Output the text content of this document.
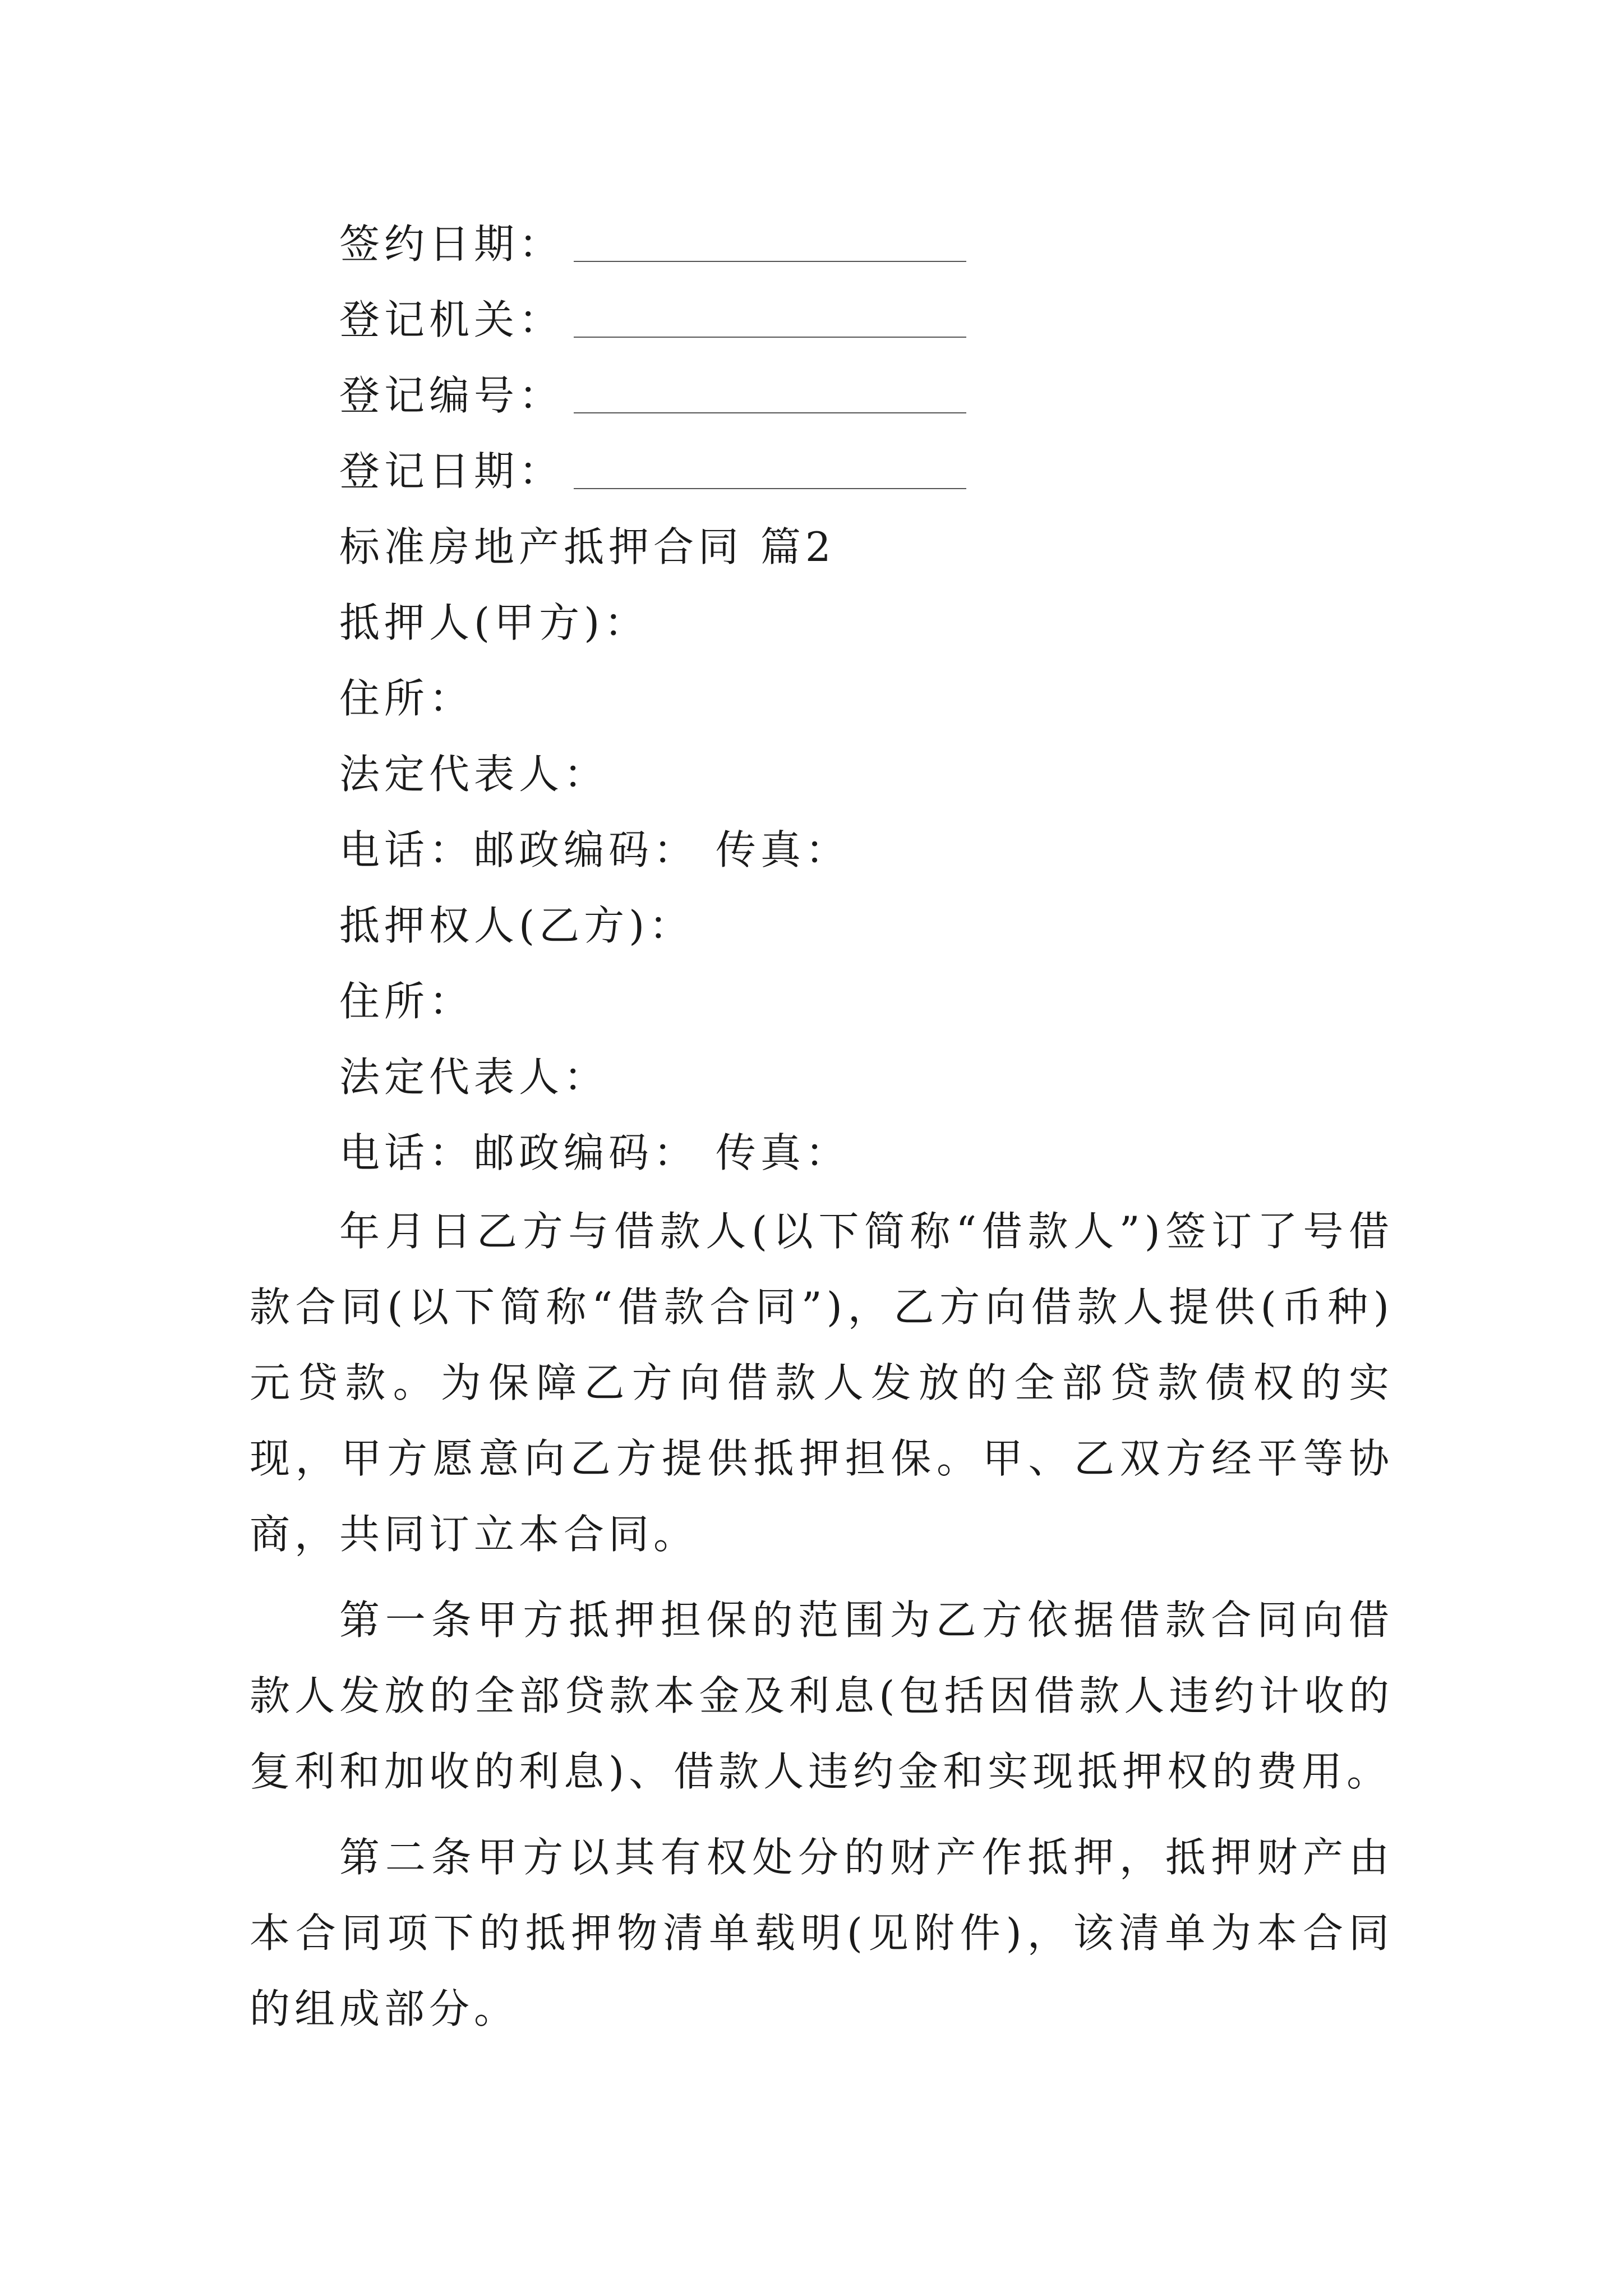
签约日期：
登记机关：
登记编号：
登记日期：
标准房地产抵押合同 篇2
抵押人(甲方)：
住所：
法定代表人：
电话：邮政编码： 传真：
抵押权人(乙方)：
住所：
法定代表人：
电话：邮政编码： 传真：
年月日乙方与借款人(以下简称“借款人”)签订了号借款合同(以下简称“借款合同”)，乙方向借款人提供(币种)元贷款。为保障乙方向借款人发放的全部贷款债权的实现，甲方愿意向乙方提供抵押担保。甲、乙双方经平等协商，共同订立本合同。
第一条甲方抵押担保的范围为乙方依据借款合同向借款人发放的全部贷款本金及利息(包括因借款人违约计收的复利和加收的利息)、借款人违约金和实现抵押权的费用。
第二条甲方以其有权处分的财产作抵押，抵押财产由本合同项下的抵押物清单载明(见附件)，该清单为本合同的组成部分。
